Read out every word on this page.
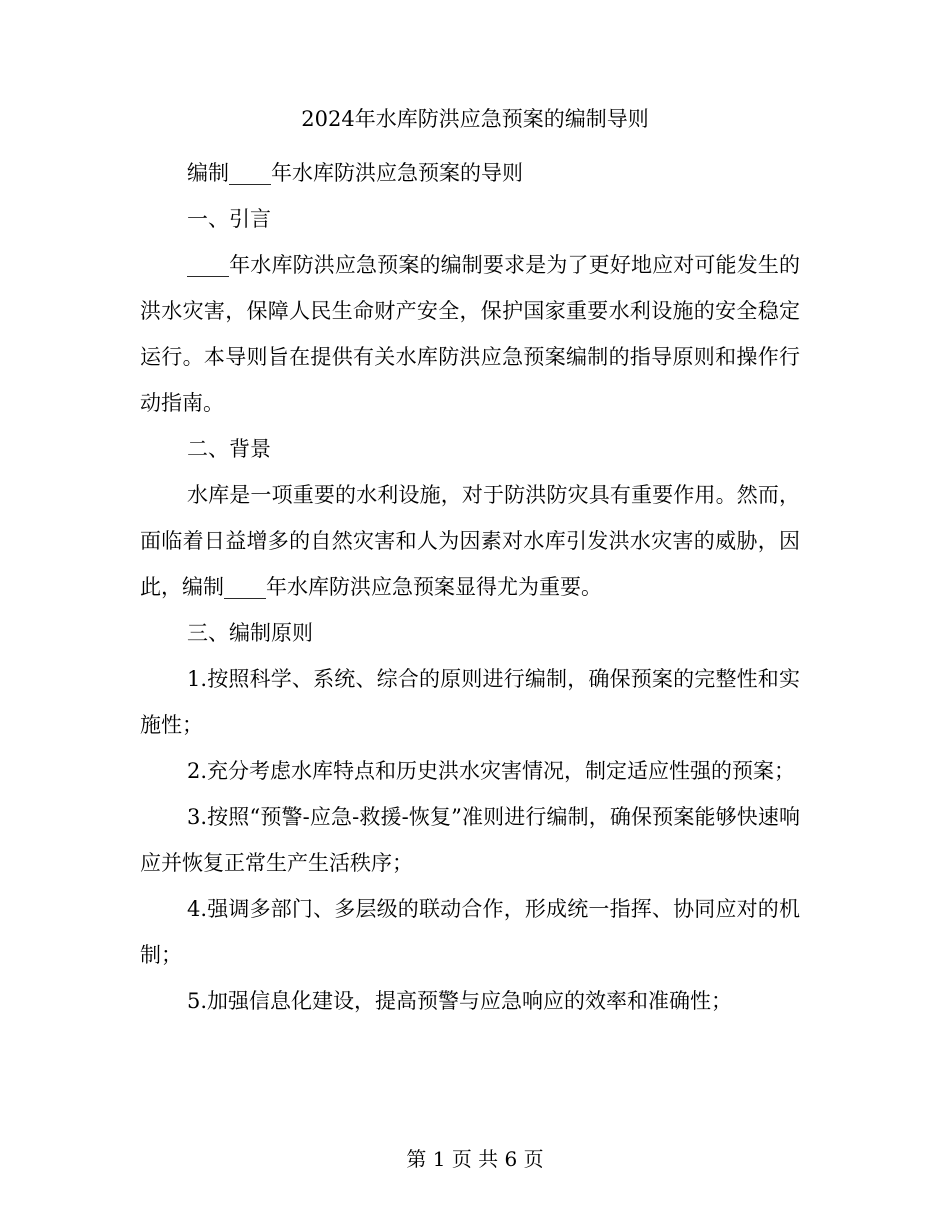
2024年水库防洪应急预案的编制导则

编制____年水库防洪应急预案的导则

一、引言

____年水库防洪应急预案的编制要求是为了更好地应对可能发生的洪水灾害，保障人民生命财产安全，保护国家重要水利设施的安全稳定运行。本导则旨在提供有关水库防洪应急预案编制的指导原则和操作行动指南。

二、背景

水库是一项重要的水利设施，对于防洪防灾具有重要作用。然而，面临着日益增多的自然灾害和人为因素对水库引发洪水灾害的威胁，因此，编制____年水库防洪应急预案显得尤为重要。

三、编制原则

1.按照科学、系统、综合的原则进行编制，确保预案的完整性和实施性；

2.充分考虑水库特点和历史洪水灾害情况，制定适应性强的预案；

3.按照“预警-应急-救援-恢复”准则进行编制，确保预案能够快速响应并恢复正常生产生活秩序；

4.强调多部门、多层级的联动合作，形成统一指挥、协同应对的机制；

5.加强信息化建设，提高预警与应急响应的效率和准确性；

第 1 页 共 6 页
